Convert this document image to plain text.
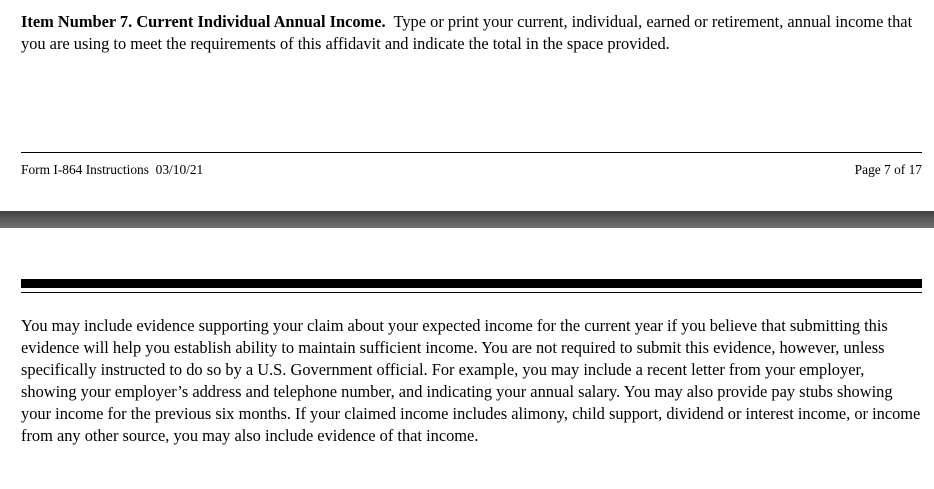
Item Number 7. Current Individual Annual Income. Type or print your current, individual, earned or retirement, annual income that you are using to meet the requirements of this affidavit and indicate the total in the space provided.

Form I-864 Instructions  03/10/21	Page 7 of 17

You may include evidence supporting your claim about your expected income for the current year if you believe that submitting this evidence will help you establish ability to maintain sufficient income. You are not required to submit this evidence, however, unless specifically instructed to do so by a U.S. Government official. For example, you may include a recent letter from your employer, showing your employer’s address and telephone number, and indicating your annual salary. You may also provide pay stubs showing your income for the previous six months. If your claimed income includes alimony, child support, dividend or interest income, or income from any other source, you may also include evidence of that income.
